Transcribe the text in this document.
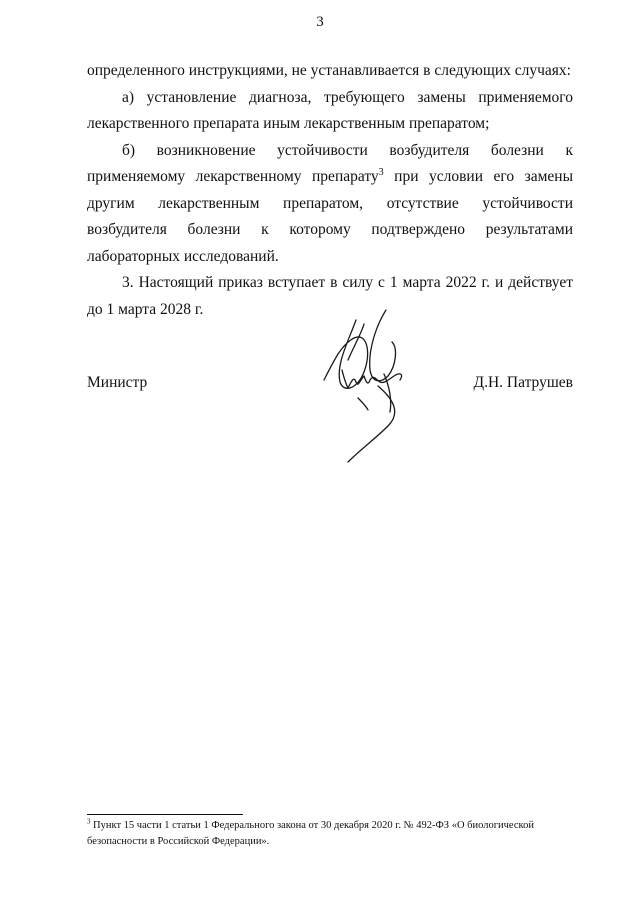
3

определенного инструкциями, не устанавливается в следующих случаях:

а) установление диагноза, требующего замены применяемого лекарственного препарата иным лекарственным препаратом;

б) возникновение устойчивости возбудителя болезни к применяемому лекарственному препарату$^3$ при условии его замены другим лекарственным препаратом, отсутствие устойчивости возбудителя болезни к которому подтверждено результатами лабораторных исследований.

3. Настоящий приказ вступает в силу с 1 марта 2022 г. и действует до 1 марта 2028 г.

Министр	Д.Н. Патрушев
$^3$ Пункт 15 части 1 статьи 1 Федерального закона от 30 декабря 2020 г. № 492-ФЗ «О биологической безопасности в Российской Федерации».
